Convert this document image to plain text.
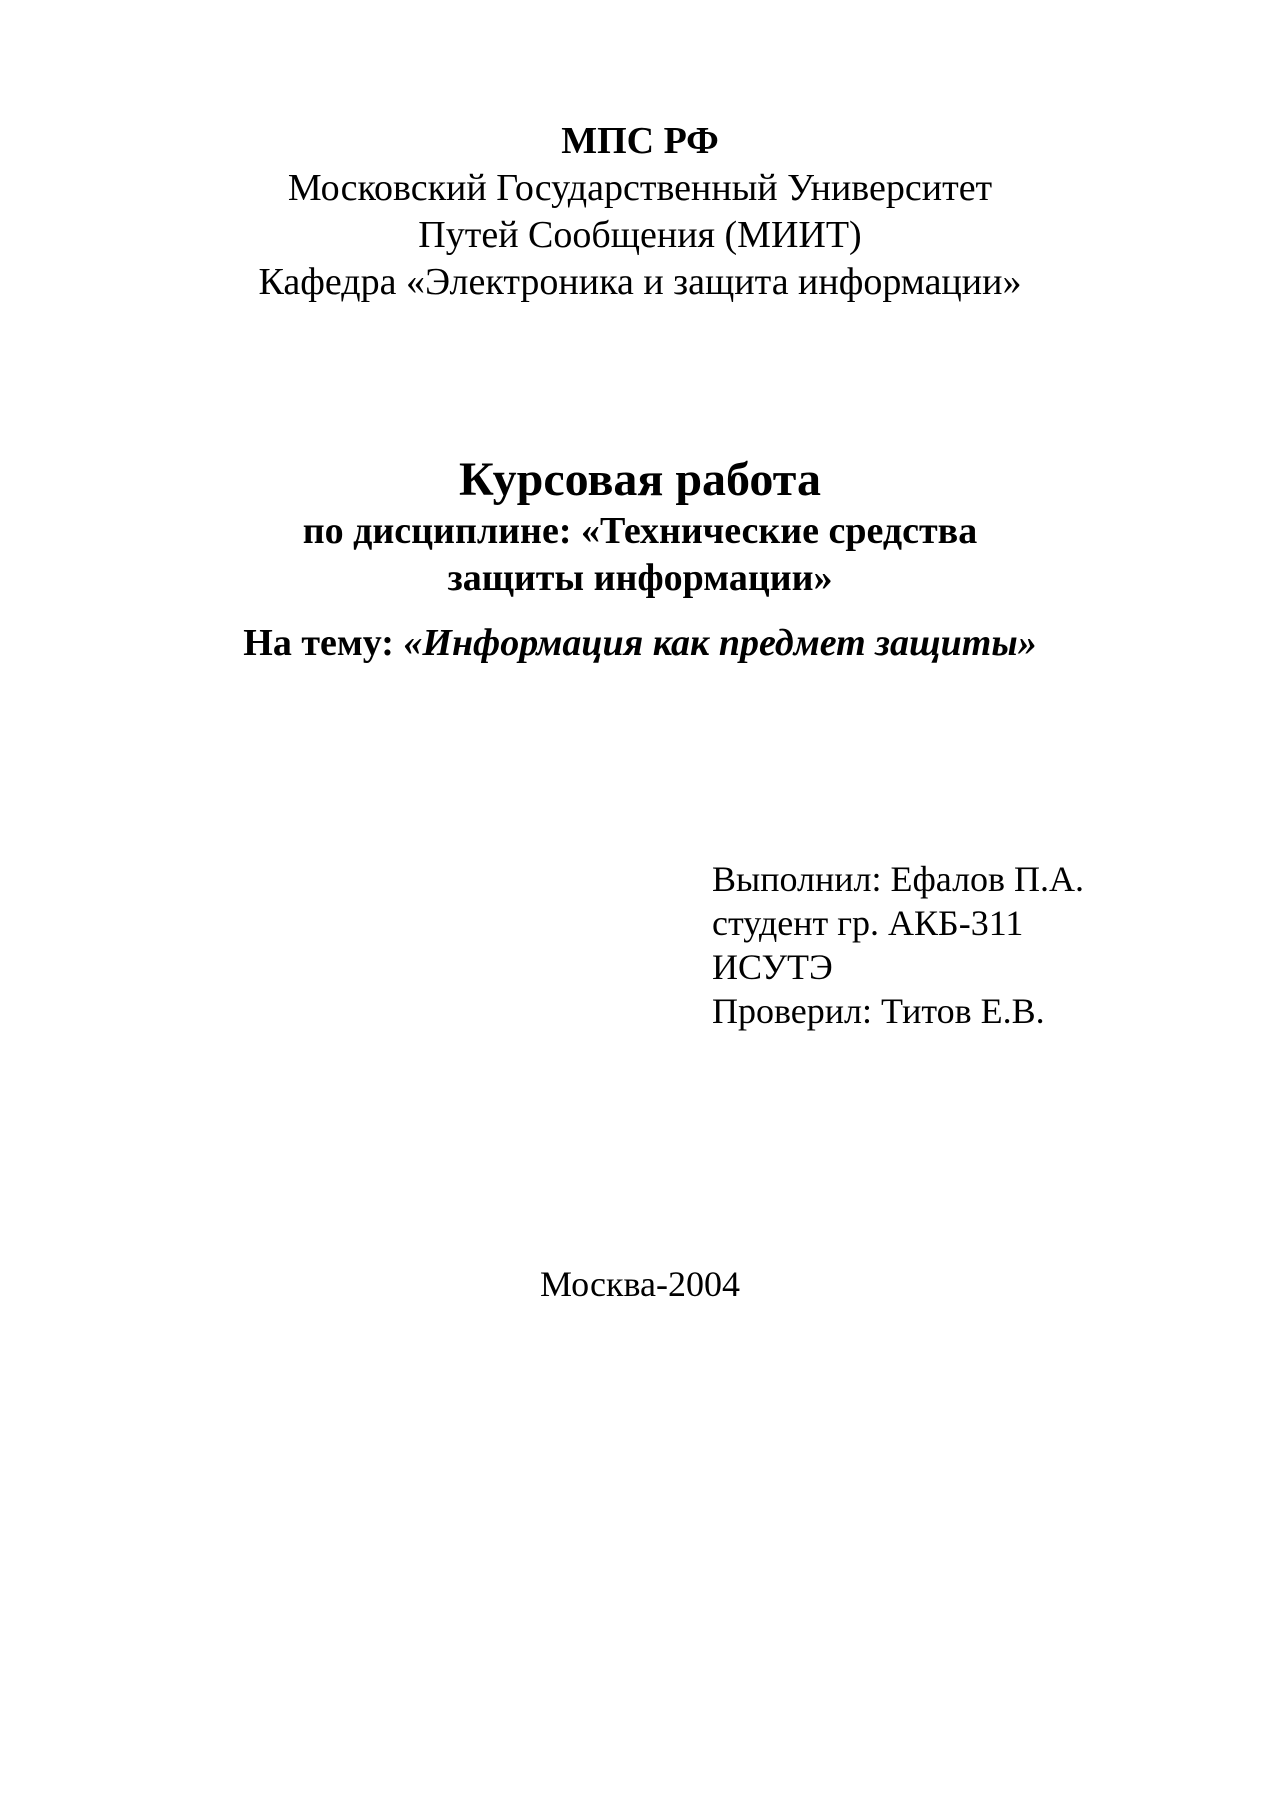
МПС РФ

Московский Государственный Университет

Путей Сообщения (МИИТ)

Кафедра «Электроника и защита информации»

Курсовая работа

по дисциплине: «Технические средства

защиты информации»

На тему: «Информация как предмет защиты»

Выполнил: Ефалов П.А.

студент гр. АКБ-311

ИСУТЭ

Проверил: Титов Е.В.

Москва-2004
